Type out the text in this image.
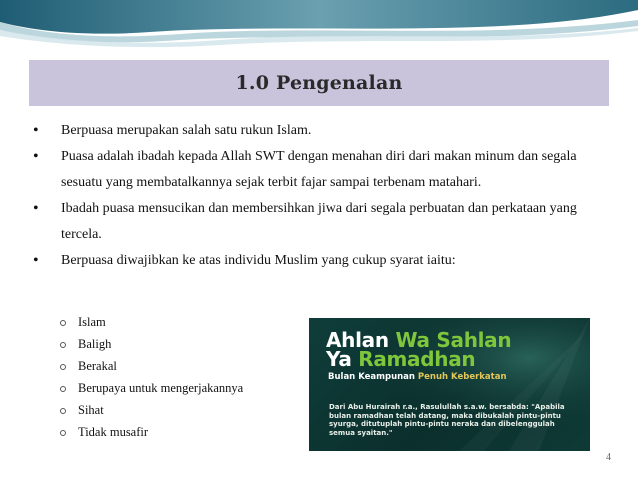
1.0 Pengenalan

• Berpuasa merupakan salah satu rukun Islam.

• Puasa adalah ibadah kepada Allah SWT dengan menahan diri dari makan minum dan segala sesuatu yang membatalkannya sejak terbit fajar sampai terbenam matahari.

• Ibadah puasa mensucikan dan membersihkan jiwa dari segala perbuatan dan perkataan yang tercela.

• Berpuasa diwajibkan ke atas individu Muslim yang cukup syarat iaitu:

Islam
Baligh
Berakal
Berupaya untuk mengerjakannya
Sihat
Tidak musafir
Ahlan Wa Sahlan
Ya Ramadhan
Bulan Keampunan Penuh Keberkatan
Dari Abu Hurairah r.a., Rasulullah s.a.w. bersabda: "Apabila bulan ramadhan telah datang, maka dibukalah pintu-pintu syurga, ditutuplah pintu-pintu neraka dan dibelenggulah semua syaitan."
4
